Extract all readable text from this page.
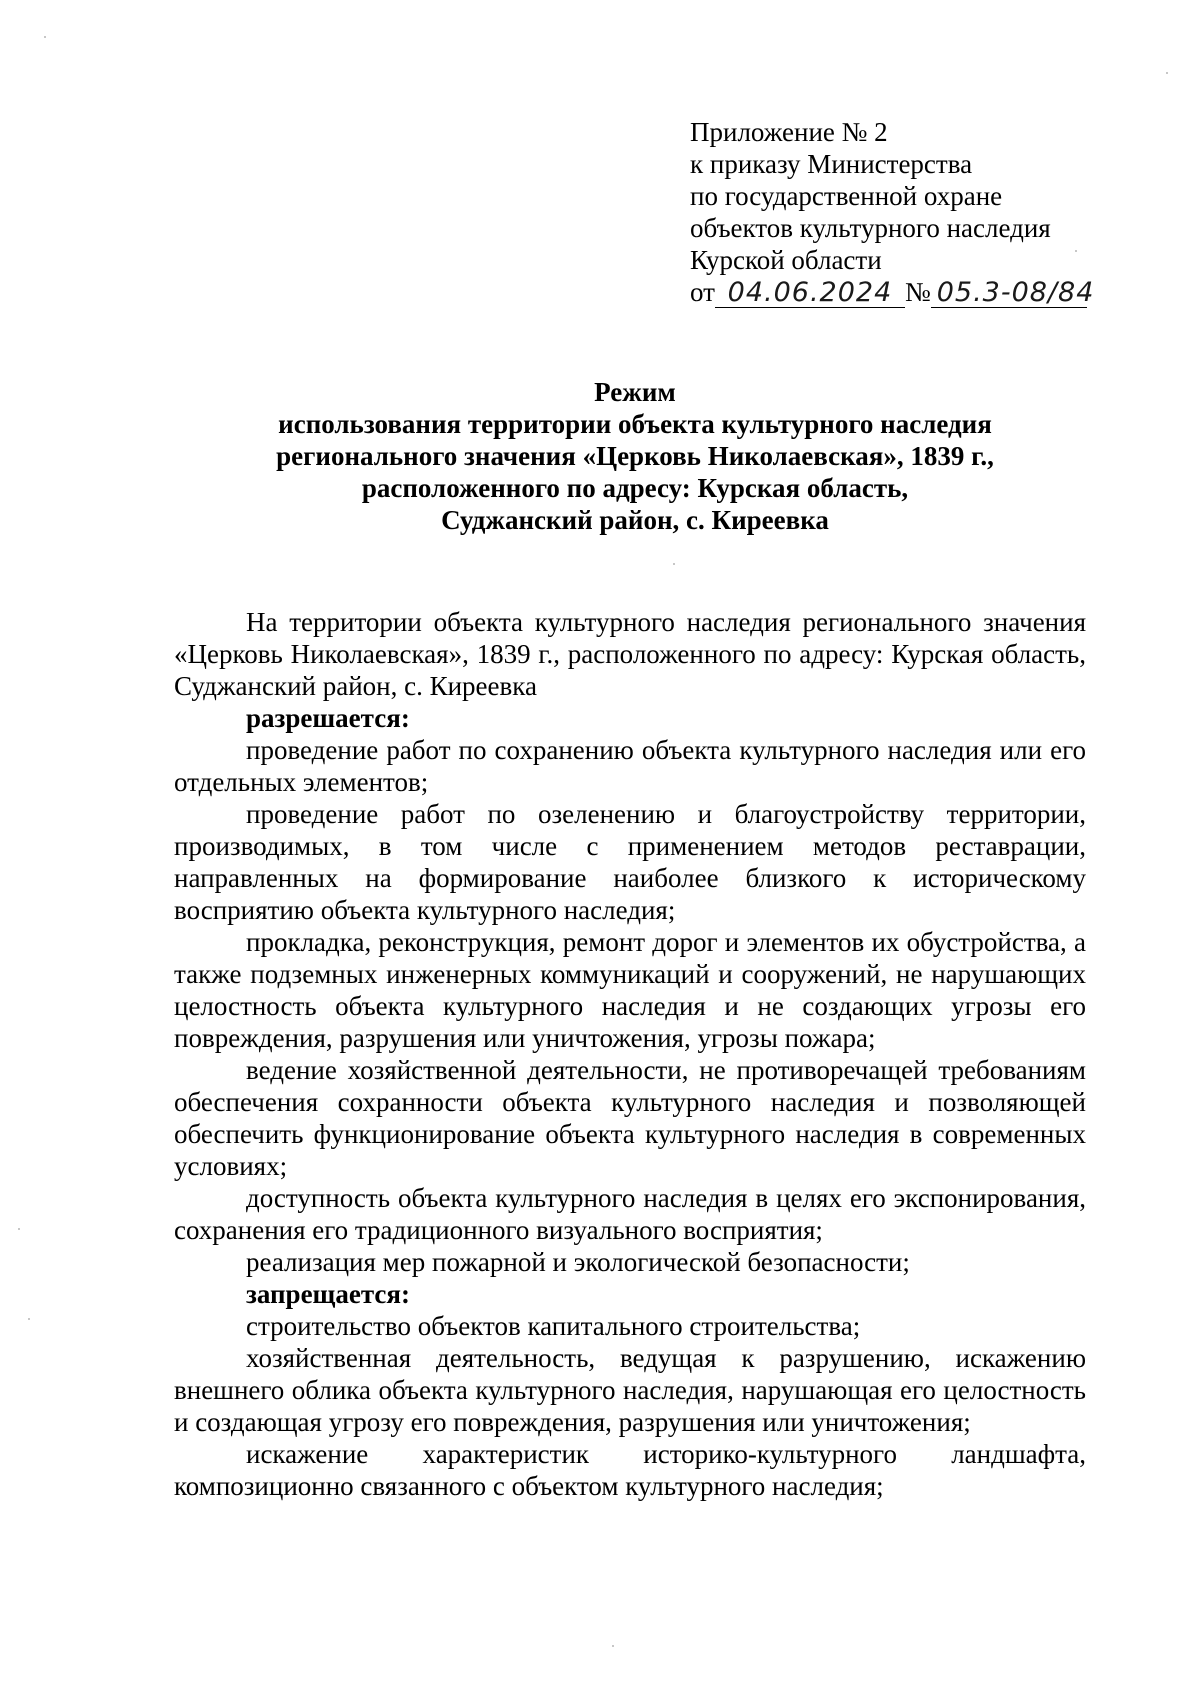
Приложение № 2
к приказу Министерства
по государственной охране
объектов культурного наследия
Курской области
от 04.06.2024 № 05.3-08/84
Режим
использования территории объекта культурного наследия
регионального значения «Церковь Николаевская», 1839 г.,
расположенного по адресу: Курская область,
Суджанский район, с. Киреевка

На территории объекта культурного наследия регионального значения «Церковь Николаевская», 1839 г., расположенного по адресу: Курская область, Суджанский район, с. Киреевка

разрешается:

проведение работ по сохранению объекта культурного наследия или его отдельных элементов;

проведение работ по озеленению и благоустройству территории, производимых, в том числе с применением методов реставрации, направленных на формирование наиболее близкого к историческому восприятию объекта культурного наследия;

прокладка, реконструкция, ремонт дорог и элементов их обустройства, а также подземных инженерных коммуникаций и сооружений, не нарушающих целостность объекта культурного наследия и не создающих угрозы его повреждения, разрушения или уничтожения, угрозы пожара;

ведение хозяйственной деятельности, не противоречащей требованиям обеспечения сохранности объекта культурного наследия и позволяющей обеспечить функционирование объекта культурного наследия в современных условиях;

доступность объекта культурного наследия в целях его экспонирования, сохранения его традиционного визуального восприятия;

реализация мер пожарной и экологической безопасности;

запрещается:

строительство объектов капитального строительства;

хозяйственная деятельность, ведущая к разрушению, искажению внешнего облика объекта культурного наследия, нарушающая его целостность и создающая угрозу его повреждения, разрушения или уничтожения;

искажение характеристик историко-культурного ландшафта, композиционно связанного с объектом культурного наследия;
